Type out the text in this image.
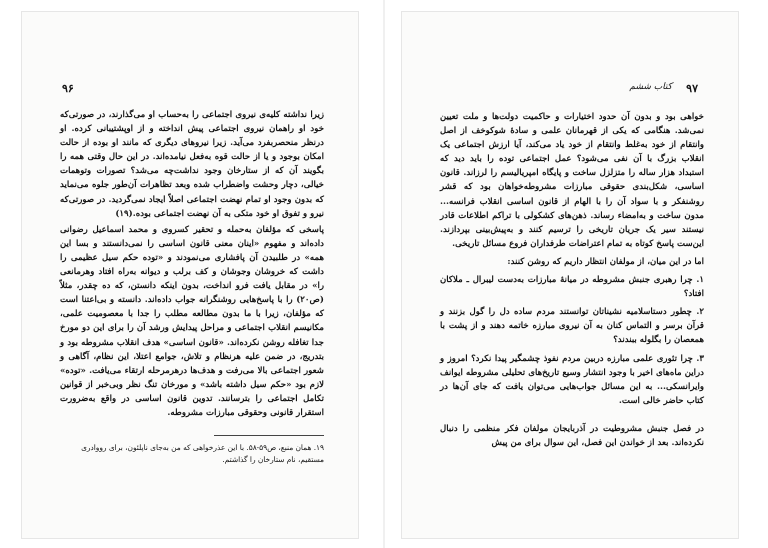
۹۶

زیرا نداشته کلیه‌ی نیروی اجتماعی را به‌حساب او می‌گذارند، در صورتی‌که خود او راهمان نیروی اجتماعی پیش انداخته و از اوپشتیبانی کرده. او درنظر منحصربفرد می‌آید. زیرا نیروهای دیگری که مانند او بوده از حالت امکان بوجود و یا از حالت قوه به‌فعل نیامده‌اند. در این حال وقتی همه را بگویند آن که از ستارخان وجود نداشت‌چه می‌شد؟ تصورات وتوهمات خیالی، دچار وحشت واضطراب شده وبعد تظاهرات آن‌طور جلوه می‌نماید که بدون وجود او تمام نهضت اجتماعی اصلاً ایجاد نمی‌گردید. در صورتی‌که نیرو و تفوق او خود متکی به آن نهضت اجتماعی بوده.(۱۹)

پاسخی که مؤلفان به‌حمله و تحقیر کسروی و محمد اسماعیل رضوانی داده‌اند و مفهوم «اینان معنی قانون اساسی را نمی‌دانستند و بسا این همه» در طلبیدن آن پافشاری می‌نمودند و «توده حکم سیل عظیمی را داشت که خروشان وجوشان و کف برلب و دیوانه به‌راه افتاد وهرمانعی را» در مقابل یافت فرو انداخت، بدون اینکه دانستن، که ده چقدر، مثلاً (ص۲۰) را با پاسخ‌هایی روشنگرانه جواب داده‌اند. دانسته و بی‌اعتنا است که مؤلفان، زیرا با ما بدون مطالعه مطلب را جدا با معصومیت علمی، مکانیسم انقلاب اجتماعی و مراحل پیدایش ورشد آن را برای این دو مورخ جدا تغافله روشن نکرده‌اند. «قانون اساسی» هدف انقلاب مشروطه بود و بتدریج، در ضمن علیه هرنظام و تلاش، جوامع اعتلا، این نظام، آگاهی و شعور اجتماعی بالا می‌رفت و هدف‌ها درهرمرحله ارتقاء می‌یافت. «توده» لازم بود «حکم سیل داشته باشد» و مورخان تنگ نظر وبی‌خبر از قوانین تکامل اجتماعی را بترسانند. تدوین قانون اساسی در واقع به‌ضرورت استقرار قانونی وحقوقی مبارزات مشروطه.

۱۹. همان منبع، ص۵۹-۵۸. با این عذرخواهی که من به‌جای ناپلئون، برای رووادری مستقیم، نام ستارخان را گذاشتم.
کتاب ششم ۹۷

خواهی بود و بدون آن حدود اختیارات و حاکمیت دولت‌ها و ملت تعیین نمی‌شد. هنگامی که یکی از قهرمانان علمی و سادهٔ شوکوخف از اصل وانتقام از خود به‌غلط وانتقام از خود یاد می‌کند، آیا ارزش اجتماعی یک انقلاب بزرگ با آن نفی می‌شود؟ عمل اجتماعی توده را باید دید که استبداد هزار ساله را متزلزل ساخت و پایگاه امپریالیسم را لرزاند. قانون اساسی، شکل‌بندی حقوقی مبارزات مشروطه‌خواهان بود که قشر روشنفکر و با سواد آن را با الهام از قانون اساسی انقلاب فرانسه... مدون ساخت و به‌امضاء رساند. ذهن‌های کشکولی با تراکم اطلاعات قادر نیستند سیر یک جریان تاریخی را ترسیم کنند و به‌پیش‌بینی بپردازند. این‌ست پاسخ کوتاه به تمام اعتراضات طرفداران فروع مسائل تاریخی.

اما در این میان، از مولفان انتظار داریم که روشن کنند:

۱. چرا رهبری جنبش مشروطه در میانهٔ مبارزات به‌دست لیبرال ـ ملاکان افتاد؟

۲. چطور دستاسلامیه نشیناتان توانستند مردم ساده دل را گول بزنند و قرآن برسر و التماس کنان به آن نیروی مبارزه خاتمه دهند و از پشت با همعصان را بگلوله ببندند؟

۳. چرا تئوری علمی مبارزه دربین مردم نفوذ چشمگیر پیدا نکرد؟ امروز و دراین ماه‌های اخیر با وجود انتشار وسیع تاریخ‌های تحلیلی مشروطه ایوانف وایرانسکی... به این مسائل جواب‌هایی می‌توان یافت که جای آن‌ها در کتاب حاضر خالی است.

در فصل جنبش مشروطیت در آذربایجان مولفان فکر منظمی را دنبال نکرده‌اند. بعد از خواندن این فصل، این سوال برای من پیش
